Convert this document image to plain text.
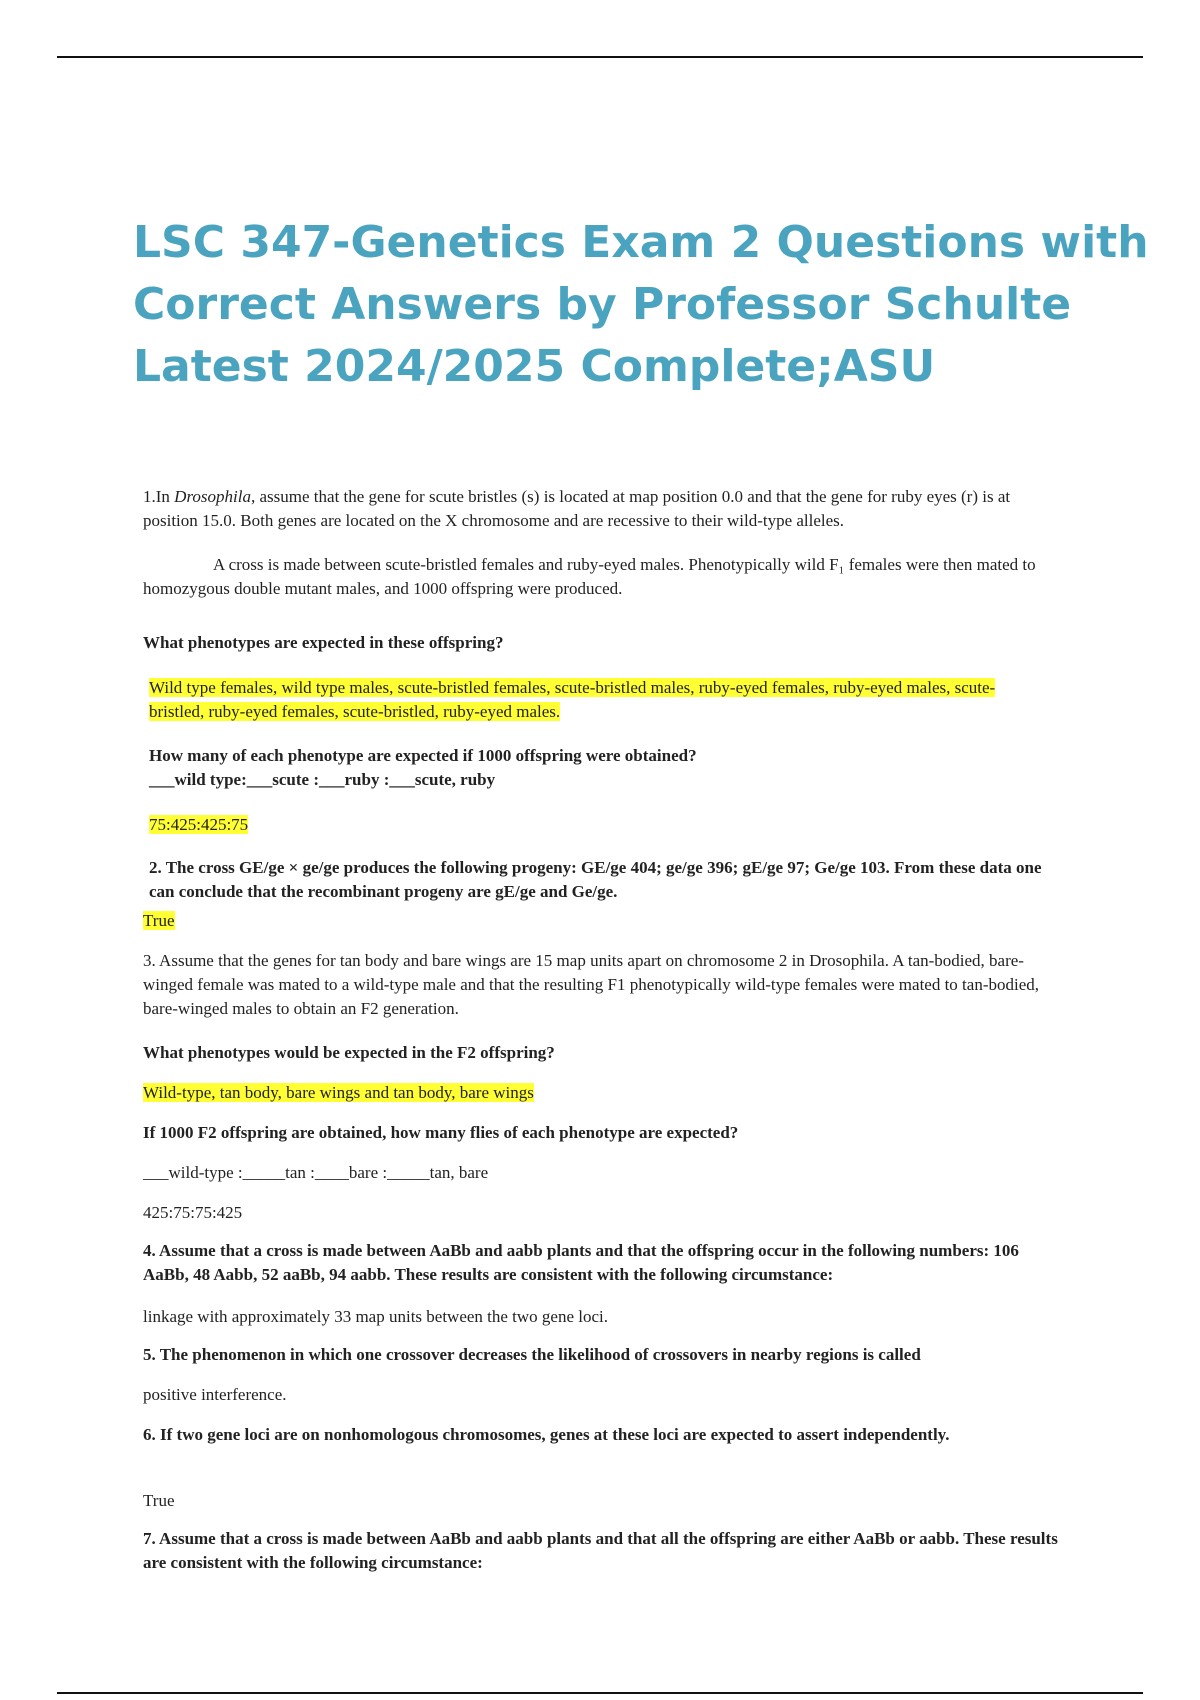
LSC 347-Genetics Exam 2 Questions with
Correct Answers by Professor Schulte
Latest 2024/2025 Complete;ASU

1.In Drosophila, assume that the gene for scute bristles (s) is located at map position 0.0 and that the gene for ruby eyes (r) is at position 15.0. Both genes are located on the X chromosome and are recessive to their wild-type alleles.

A cross is made between scute-bristled females and ruby-eyed males. Phenotypically wild F₁ females were then mated to homozygous double mutant males, and 1000 offspring were produced.

What phenotypes are expected in these offspring?

Wild type females, wild type males, scute-bristled females, scute-bristled males, ruby-eyed females, ruby-eyed males, scute-bristled, ruby-eyed females, scute-bristled, ruby-eyed males.

How many of each phenotype are expected if 1000 offspring were obtained?

___wild type:___scute :___ruby :___scute, ruby

75:425:425:75

2. The cross GE/ge × ge/ge produces the following progeny: GE/ge 404; ge/ge 396; gE/ge 97; Ge/ge 103. From these data one can conclude that the recombinant progeny are gE/ge and Ge/ge.

True

3. Assume that the genes for tan body and bare wings are 15 map units apart on chromosome 2 in Drosophila. A tan-bodied, bare-winged female was mated to a wild-type male and that the resulting F1 phenotypically wild-type females were mated to tan-bodied, bare-winged males to obtain an F2 generation.

What phenotypes would be expected in the F2 offspring?

Wild-type, tan body, bare wings and tan body, bare wings

If 1000 F2 offspring are obtained, how many flies of each phenotype are expected?

___wild-type :_____tan :____bare :_____tan, bare

425:75:75:425

4. Assume that a cross is made between AaBb and aabb plants and that the offspring occur in the following numbers: 106 AaBb, 48 Aabb, 52 aaBb, 94 aabb. These results are consistent with the following circumstance:

linkage with approximately 33 map units between the two gene loci.

5. The phenomenon in which one crossover decreases the likelihood of crossovers in nearby regions is called

positive interference.

6. If two gene loci are on nonhomologous chromosomes, genes at these loci are expected to assert independently.

True

7. Assume that a cross is made between AaBb and aabb plants and that all the offspring are either AaBb or aabb. These results are consistent with the following circumstance:
